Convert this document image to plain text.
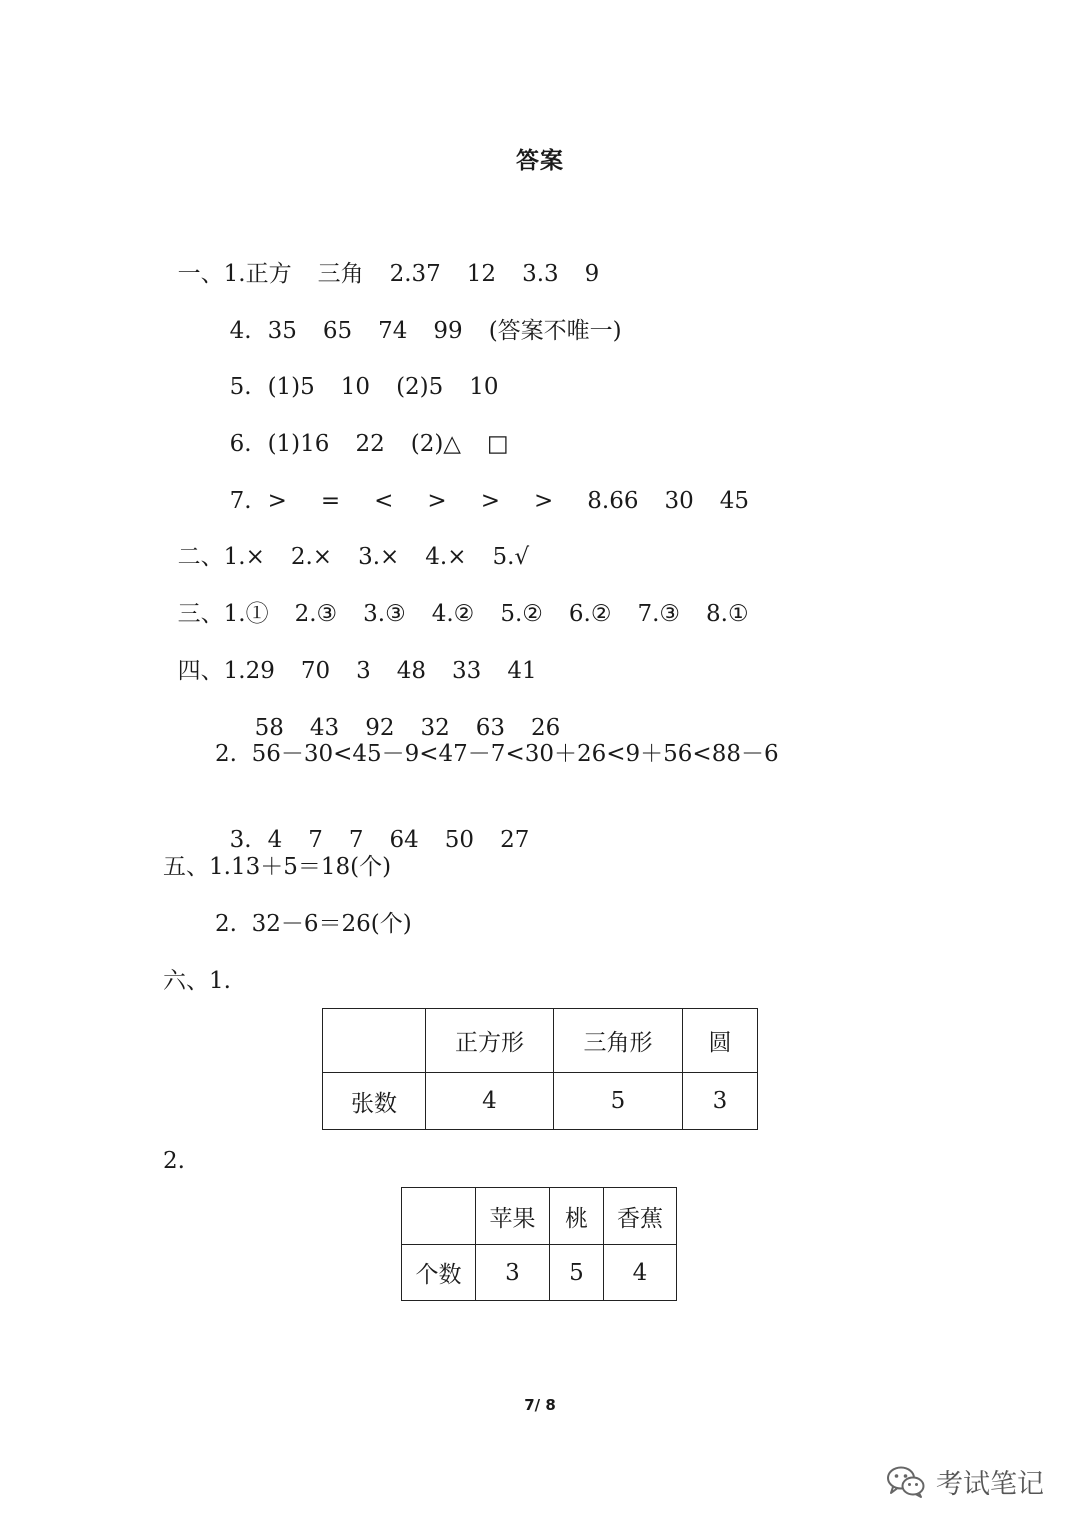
答案

一、1.正方 三角 2.37 12 3.3 9

4. 35 65 74 99 (答案不唯一)

5. (1)5 10 (2)5 10

6. (1)16 22 (2)△ □

7. > = < > > > 8.66 30 45

二、1.× 2.× 3.× 4.× 5.√

三、1.① 2.③ 3.③ 4.② 5.② 6.② 7.③ 8.①

四、1.29 70 3 48 33 41

58 43 92 32 63 26

2.  56－30<45－9<47－7<30＋26<9＋56<88－6

3. 4 7 7 64 50 27

五、1.13＋5＝18(个)
2.  32－6＝26(个)
六、1.
	正方形	三角形	圆
张数	4	5	3
2.
	苹果	桃	香蕉
个数	3	5	4
7/ 8
考试笔记
